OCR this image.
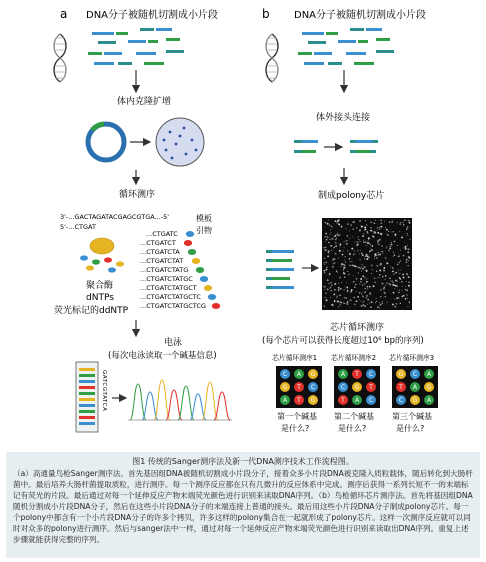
a DNA分子被随机切割成小片段
体内克隆扩增
循环测序
3'-...GACTAGATACGAGCGTGA...-5'
5'-...CTGAT
模板
引物
...CTGATC
...CTGATCT
...CTGATCTA
...CTGATCTAT
...CTGATCTATG
...CTGATCTATGC
...CTGATCTATGCT
...CTGATCTATGCTC
...CTGATCTATGCTCG
聚合酶
dNTPs
荧光标记的ddNTP
电泳
(每次电泳读取一个碱基信息)
GATCGTATCA
b DNA分子被随机切割成小片段
体外接头连接
制成polony芯片
芯片循环测序
(每个芯片可以获得长度超过10⁶ bp的序列)
芯片循环测序1
第一个碱基
是什么?
芯片循环测序2
第二个碱基
是什么?
芯片循环测序3
第三个碱基
是什么?
C A G
G T C
A T G
A T C
C G T
T A C
G C A
T A G
C G A
图1 传统的Sanger测序法及新一代DNA测序技术工作流程图。
（a）高通量鸟枪Sanger测序法。首先基因组DNA被随机切割成小片段分子，接着众多小片段DNA被克隆入质粒载体，随后转化到大肠杆菌中。最后培养大肠杆菌提取质粒，进行测序。每一个测序反应都在只有几微升的反应体系中完成。测序后获得一系列长短不一的末端标记有荧光的片段。最后通过对每一个延伸反应产物末端荧光颜色进行识别来读取DNA序列。（b）鸟枪循环芯片测序法。首先将基因组DNA随机分割成小片段DNA分子，然后在这些小片段DNA分子的末端连接上普通的接头。最后用这些小片段DNA分子制成polony芯片。每一个polony中都含有一个小片段DNA分子的许多个拷贝，许多这样的polony集合在一起就形成了polony芯片。这样一次测序反应就可以同时对众多的polony进行测序。然后与sanger法中一样，通过对每一个延伸反应产物末端荧光颜色进行识别来读取出DNA序列。重复上述步骤就能获得完整的序列。
